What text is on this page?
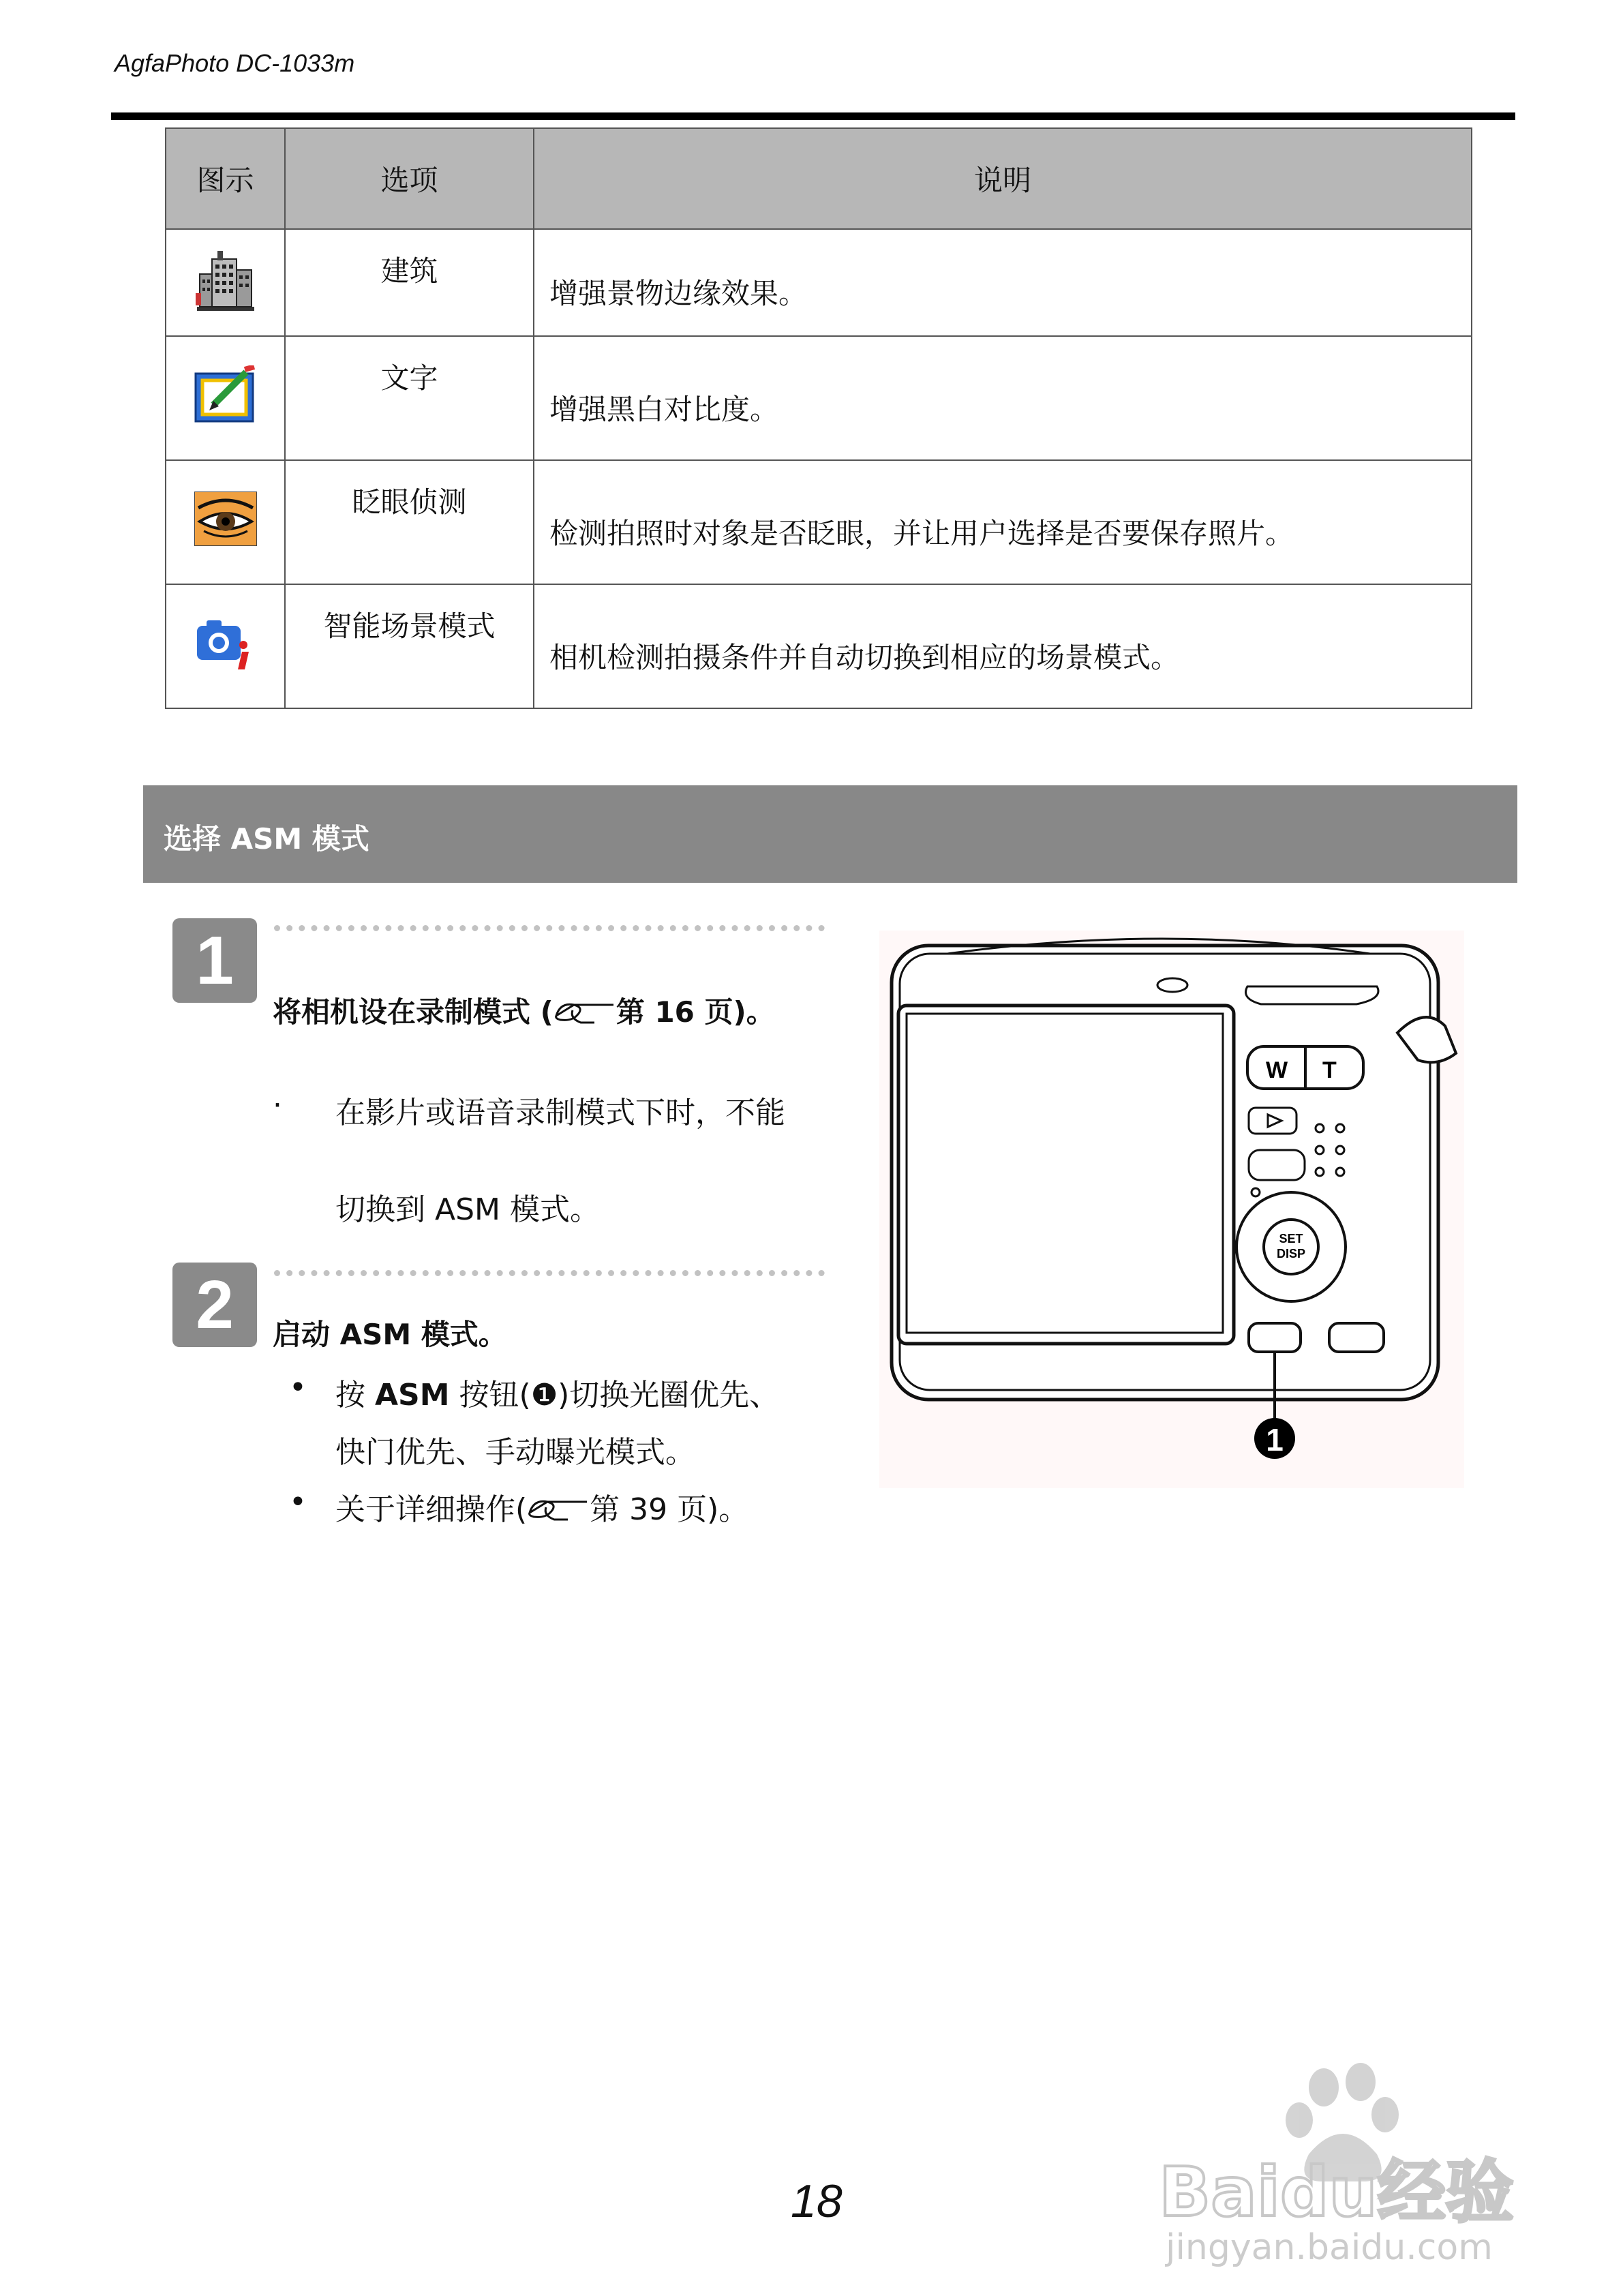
AgfaPhoto DC-1033m
图示	选项	说明
	建筑	增强景物边缘效果。
	文字	增强黑白对比度。
	眨眼侦测	检测拍照时对象是否眨眼，并让用户选择是否要保存照片。
	智能场景模式	相机检测拍摄条件并自动切换到相应的场景模式。
选择 ASM 模式
1
将相机设在录制模式 ( 第 16 页)。
· 在影片或语音录制模式下时，不能
切换到 ASM 模式。
2	启动 ASM 模式。
• 按 ASM 按钮(❶)切换光圈优先、
快门优先、手动曝光模式。
• 关于详细操作( 第 39 页)。
W T
SET
DISP
1
18	Baidu经验
jingyan.baidu.com
